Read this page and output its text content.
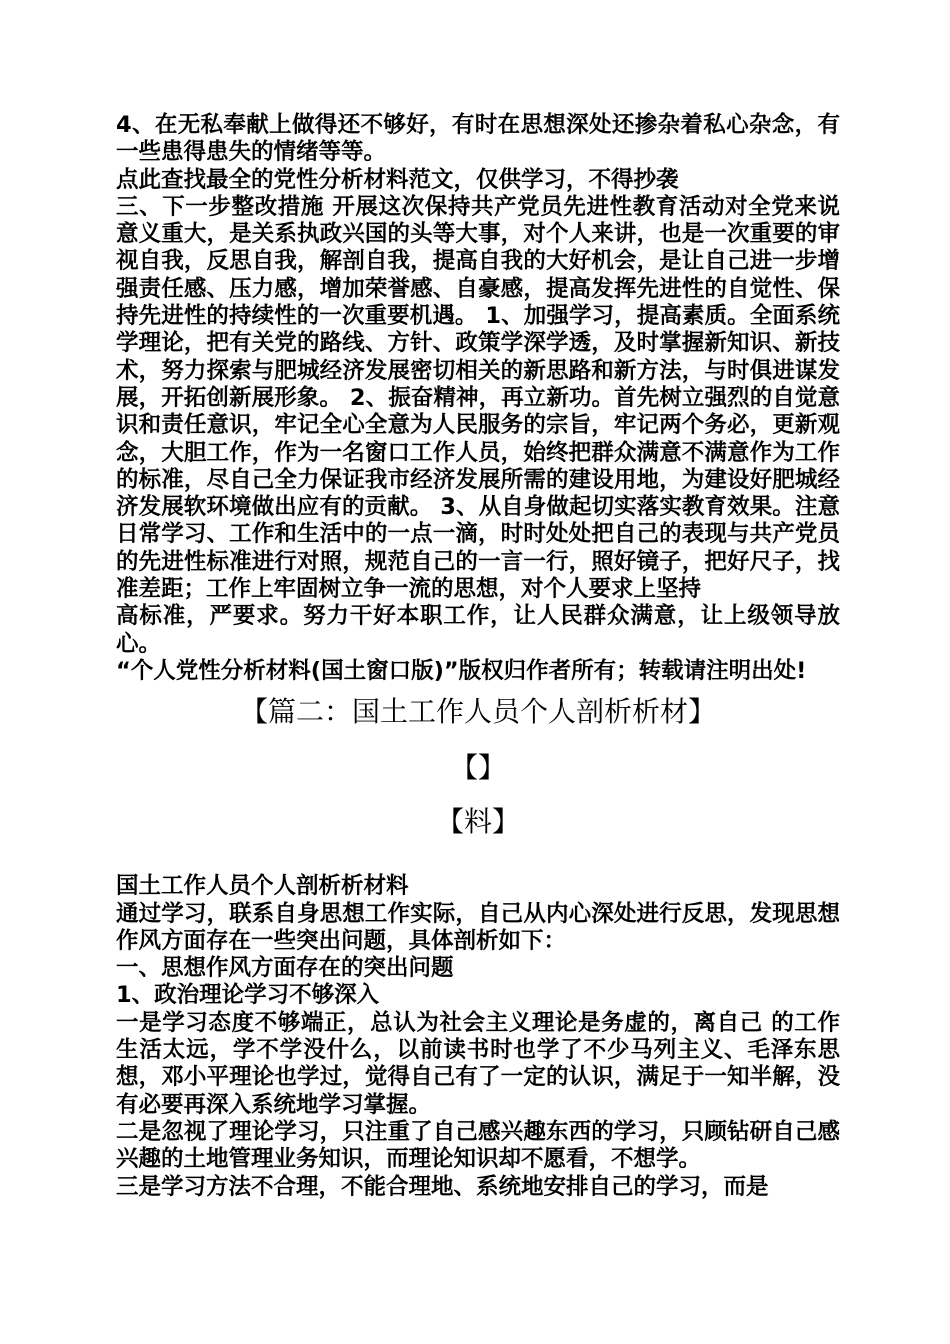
4、在无私奉献上做得还不够好，有时在思想深处还掺杂着私心杂念，有一些患得患失的情绪等等。

点此查找最全的党性分析材料范文，仅供学习，不得抄袭

三、下一步整改措施 开展这次保持共产党员先进性教育活动对全党来说意义重大，是关系执政兴国的头等大事，对个人来讲，也是一次重要的审视自我，反思自我，解剖自我，提高自我的大好机会，是让自己进一步增强责任感、压力感，增加荣誉感、自豪感，提高发挥先进性的自觉性、保持先进性的持续性的一次重要机遇。 1、加强学习，提高素质。全面系统学理论，把有关党的路线、方针、政策学深学透，及时掌握新知识、新技术，努力探索与肥城经济发展密切相关的新思路和新方法，与时俱进谋发展，开拓创新展形象。 2、振奋精神，再立新功。首先树立强烈的自觉意识和责任意识，牢记全心全意为人民服务的宗旨，牢记两个务必，更新观念，大胆工作，作为一名窗口工作人员，始终把群众满意不满意作为工作的标准，尽自己全力保证我市经济发展所需的建设用地，为建设好肥城经济发展软环境做出应有的贡献。 3、从自身做起切实落实教育效果。注意日常学习、工作和生活中的一点一滴，时时处处把自己的表现与共产党员的先进性标准进行对照，规范自己的一言一行，照好镜子，把好尺子，找准差距；工作上牢固树立争一流的思想，对个人要求上坚持

高标准，严要求。努力干好本职工作，让人民群众满意，让上级领导放心。

“个人党性分析材料(国土窗口版)”版权归作者所有；转载请注明出处!

【篇二：国土工作人员个人剖析析材】

【】

【料】

国土工作人员个人剖析析材料

通过学习，联系自身思想工作实际，自己从内心深处进行反思，发现思想作风方面存在一些突出问题，具体剖析如下：

一、思想作风方面存在的突出问题

1、政治理论学习不够深入

一是学习态度不够端正，总认为社会主义理论是务虚的，离自己 的工作生活太远，学不学没什么，以前读书时也学了不少马列主义、毛泽东思想，邓小平理论也学过，觉得自己有了一定的认识，满足于一知半解，没有必要再深入系统地学习掌握。

二是忽视了理论学习，只注重了自己感兴趣东西的学习，只顾钻研自己感兴趣的土地管理业务知识，而理论知识却不愿看，不想学。

三是学习方法不合理，不能合理地、系统地安排自己的学习，而是
